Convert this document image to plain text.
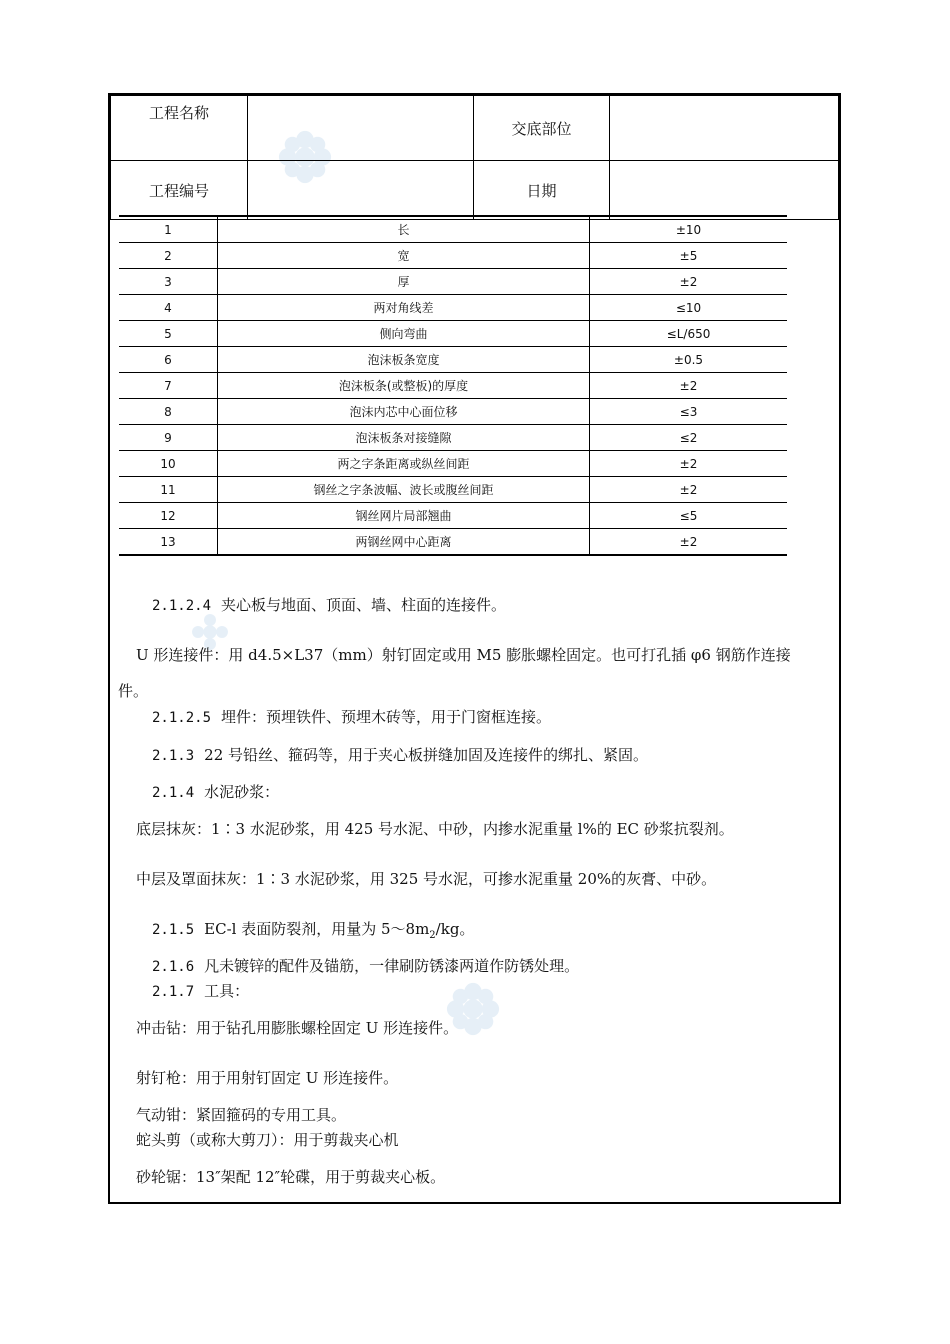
工程名称		交底部位	
工程编号		日期	
1	长	±10
2	宽	±5
3	厚	±2
4	两对角线差	≤10
5	侧向弯曲	≤L/650
6	泡沫板条宽度	±0.5
7	泡沫板条(或整板)的厚度	±2
8	泡沫内芯中心面位移	≤3
9	泡沫板条对接缝隙	≤2
10	两之字条距离或纵丝间距	±2
11	钢丝之字条波幅、波长或腹丝间距	±2
12	钢丝网片局部翘曲	≤5
13	两钢丝网中心距离	±2
2.1.2.4 夹心板与地面、顶面、墙、柱面的连接件。
U 形连接件：用 d4.5×L37（mm）射钉固定或用 M5 膨胀螺栓固定。也可打孔插 φ6 钢筋作连接
件。
2.1.2.5 埋件：预埋铁件、预埋木砖等，用于门窗框连接。
2.1.3 22 号铅丝、箍码等，用于夹心板拼缝加固及连接件的绑扎、紧固。
2.1.4 水泥砂浆：
底层抹灰：1∶3 水泥砂浆，用 425 号水泥、中砂，内掺水泥重量 l%的 EC 砂浆抗裂剂。
中层及罩面抹灰：1∶3 水泥砂浆，用 325 号水泥，可掺水泥重量 20%的灰膏、中砂。
2.1.5 EC-l 表面防裂剂，用量为 $5\sim 8m_2/kg$。
2.1.6 凡未镀锌的配件及锚筋，一律刷防锈漆两道作防锈处理。
2.1.7 工具：
冲击钻：用于钻孔用膨胀螺栓固定 U 形连接件。
射钉枪：用于用射钉固定 U 形连接件。
气动钳：紧固箍码的专用工具。
蛇头剪（或称大剪刀）：用于剪裁夹心机
砂轮锯：13″架配 12″轮碟，用于剪裁夹心板。
